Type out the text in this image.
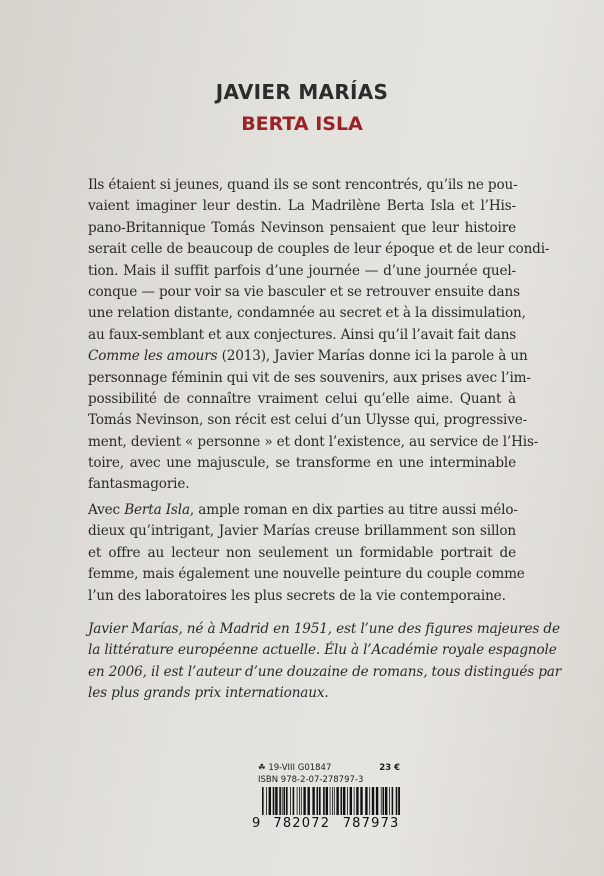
JAVIER MARÍAS
BERTA ISLA
Ils étaient si jeunes, quand ils se sont rencontrés, qu’ils ne pou-
vaient imaginer leur destin. La Madrilène Berta Isla et l’His-
pano-Britannique Tomás Nevinson pensaient que leur histoire
serait celle de beaucoup de couples de leur époque et de leur condi-
tion. Mais il suffit parfois d’une journée — d’une journée quel-
conque — pour voir sa vie basculer et se retrouver ensuite dans
une relation distante, condamnée au secret et à la dissimulation,
au faux-semblant et aux conjectures. Ainsi qu’il l’avait fait dans
Comme les amours (2013), Javier Marías donne ici la parole à un
personnage féminin qui vit de ses souvenirs, aux prises avec l’im-
possibilité de connaître vraiment celui qu’elle aime. Quant à
Tomás Nevinson, son récit est celui d’un Ulysse qui, progressive-
ment, devient « personne » et dont l’existence, au service de l’His-
toire, avec une majuscule, se transforme en une interminable
fantasmagorie.
Avec Berta Isla, ample roman en dix parties au titre aussi mélo-
dieux qu’intrigant, Javier Marías creuse brillamment son sillon
et offre au lecteur non seulement un formidable portrait de
femme, mais également une nouvelle peinture du couple comme
l’un des laboratoires les plus secrets de la vie contemporaine.
Javier Marías, né à Madrid en 1951, est l’une des figures majeures de
la littérature européenne actuelle. Élu à l’Académie royale espagnole
en 2006, il est l’auteur d’une douzaine de romans, tous distingués par
les plus grands prix internationaux.
☘ 19-VIII G01847	23 €
ISBN 978-2-07-278797-3
9 782072 787973
